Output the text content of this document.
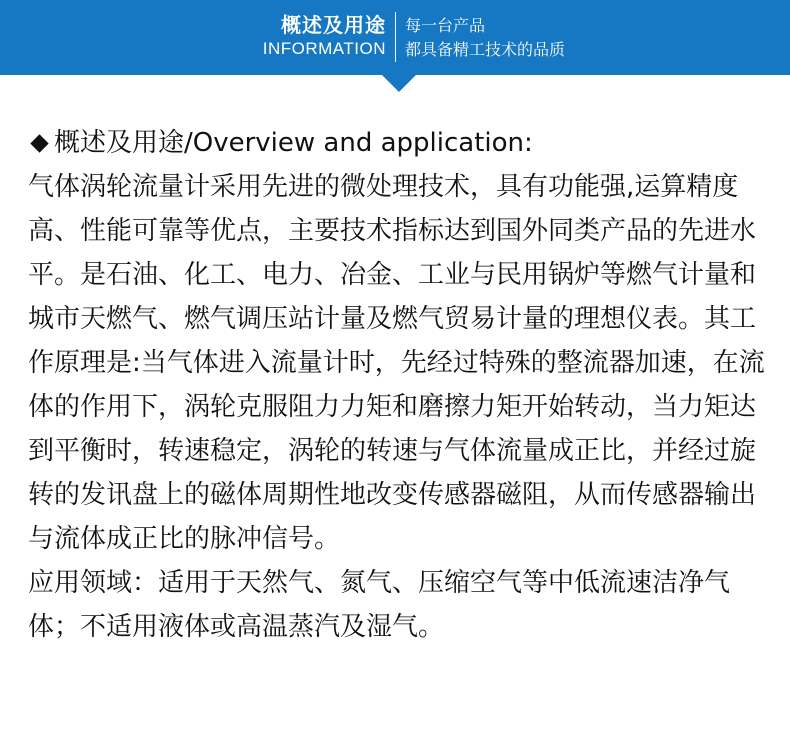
概述及用途
INFORMATION
每一台产品
都具备精工技术的品质

概述及用途/Overview and application:

气体涡轮流量计采用先进的微处理技术，具有功能强,运算精度高、性能可靠等优点，主要技术指标达到国外同类产品的先进水平。是石油、化工、电力、冶金、工业与民用锅炉等燃气计量和城市天燃气、燃气调压站计量及燃气贸易计量的理想仪表。其工作原理是:当气体进入流量计时，先经过特殊的整流器加速，在流体的作用下，涡轮克服阻力力矩和磨擦力矩开始转动，当力矩达到平衡时，转速稳定，涡轮的转速与气体流量成正比，并经过旋转的发讯盘上的磁体周期性地改变传感器磁阻，从而传感器输出与流体成正比的脉冲信号。

应用领域：适用于天然气、氮气、压缩空气等中低流速洁净气体；不适用液体或高温蒸汽及湿气。
